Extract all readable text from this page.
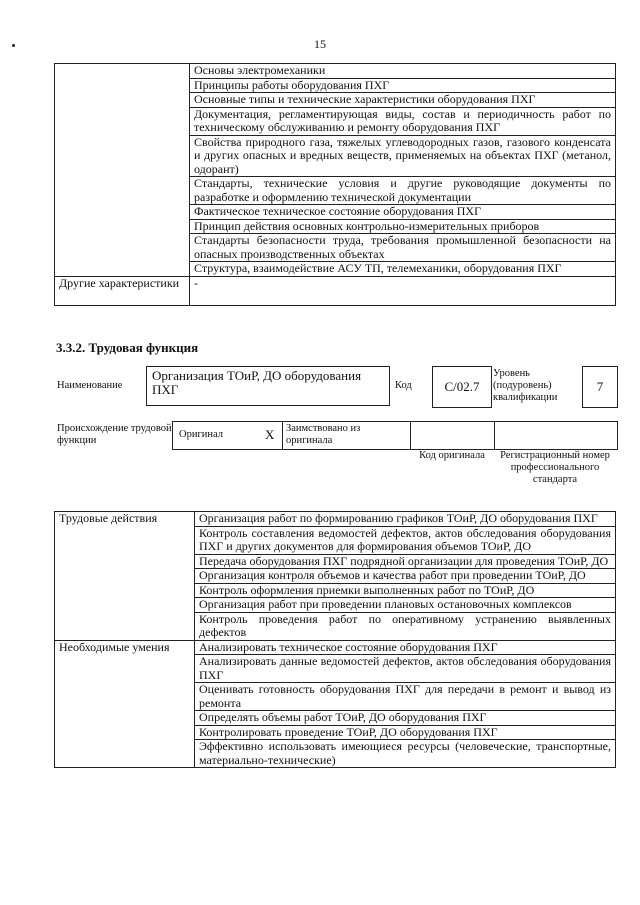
15
	Основы электромеханики
	Принципы работы оборудования ПХГ
	Основные типы и технические характеристики оборудования ПХГ
	Документация, регламентирующая виды, состав и периодичность работ по техническому обслуживанию и ремонту оборудования ПХГ
	Свойства природного газа, тяжелых углеводородных газов, газового конденсата и других опасных и вредных веществ, применяемых на объектах ПХГ (метанол, одорант)
	Стандарты, технические условия и другие руководящие документы по разработке и оформлению технической документации
	Фактическое техническое состояние оборудования ПХГ
	Принцип действия основных контрольно-измерительных приборов
	Стандарты безопасности труда, требования промышленной безопасности на опасных производственных объектах
	Структура, взаимодействие АСУ ТП, телемеханики, оборудования ПХГ
Другие характеристики	-
3.3.2. Трудовая функция
Наименование
Организация ТОиР, ДО оборудования ПХГ	Код	C/02.7
Уровень (подуровень) квалификации
7
Происхождение трудовой функции
Оригинал	X Заимствовано из оригинала
Код оригинала	Регистрационный номер профессионального стандарта
Трудовые действия	Организация работ по формированию графиков ТОиР, ДО оборудования ПХГ
	Контроль составления ведомостей дефектов, актов обследования оборудования ПХГ и других документов для формирования объемов ТОиР, ДО
	Передача оборудования ПХГ подрядной организации для проведения ТОиР, ДО
	Организация контроля объемов и качества работ при проведении ТОиР, ДО
	Контроль оформления приемки выполненных работ по ТОиР, ДО
	Организация работ при проведении плановых остановочных комплексов
	Контроль проведения работ по оперативному устранению выявленных дефектов
Необходимые умения	Анализировать техническое состояние оборудования ПХГ
	Анализировать данные ведомостей дефектов, актов обследования оборудования ПХГ
	Оценивать готовность оборудования ПХГ для передачи в ремонт и вывод из ремонта
	Определять объемы работ ТОиР, ДО оборудования ПХГ
	Контролировать проведение ТОиР, ДО оборудования ПХГ
	Эффективно использовать имеющиеся ресурсы (человеческие, транспортные, материально-технические)
